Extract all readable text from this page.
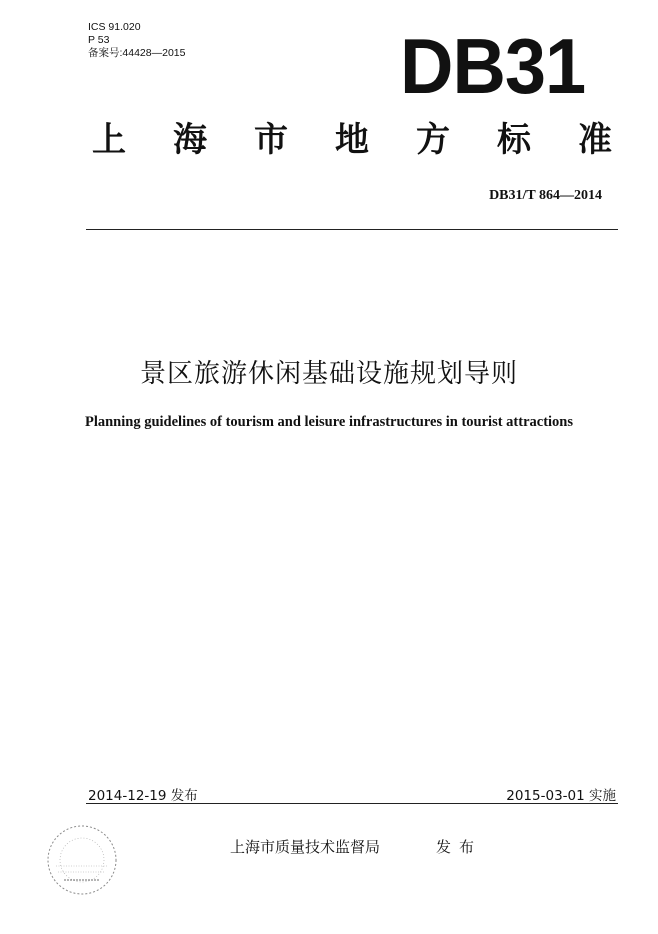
ICS 91.020
P 53
备案号:44428—2015	DB31
上 海 市 地 方 标 准
DB31/T 864—2014
景区旅游休闲基础设施规划导则
Planning guidelines of tourism and leisure infrastructures in tourist attractions
2014-12-19 发布	2015-03-01 实施
上海市质量技术监督局	发布
